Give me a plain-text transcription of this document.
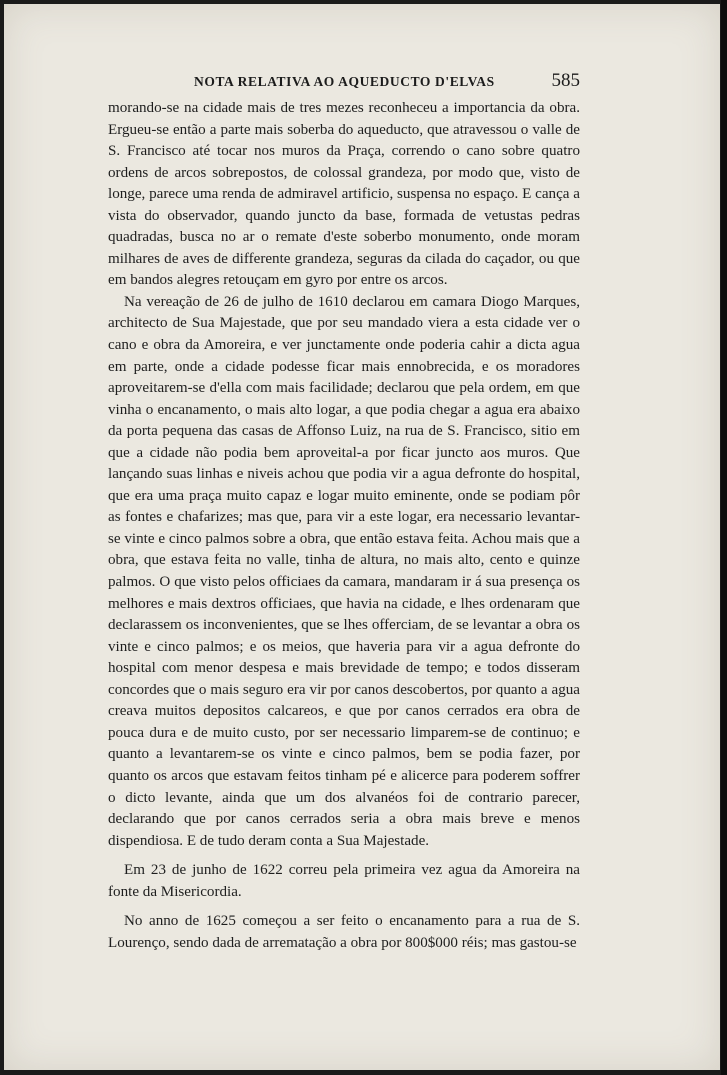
NOTA RELATIVA AO AQUEDUCTO D'ELVAS	585

morando-se na cidade mais de tres mezes reconheceu a importancia da obra. Ergueu-se então a parte mais soberba do aqueducto, que atravessou o valle de S. Francisco até tocar nos muros da Praça, correndo o cano sobre quatro ordens de arcos sobrepostos, de colossal grandeza, por modo que, visto de longe, parece uma renda de admiravel artificio, suspensa no espaço. E cança a vista do observador, quando juncto da base, formada de vetustas pedras quadradas, busca no ar o remate d'este soberbo monumento, onde moram milhares de aves de differente grandeza, seguras da cilada do caçador, ou que em bandos alegres retouçam em gyro por entre os arcos.

Na vereação de 26 de julho de 1610 declarou em camara Diogo Marques, architecto de Sua Majestade, que por seu mandado viera a esta cidade ver o cano e obra da Amoreira, e ver junctamente onde poderia cahir a dicta agua em parte, onde a cidade podesse ficar mais ennobrecida, e os moradores aproveitarem-se d'ella com mais facilidade; declarou que pela ordem, em que vinha o encanamento, o mais alto logar, a que podia chegar a agua era abaixo da porta pequena das casas de Affonso Luiz, na rua de S. Francisco, sitio em que a cidade não podia bem aproveital-a por ficar juncto aos muros. Que lançando suas linhas e niveis achou que podia vir a agua defronte do hospital, que era uma praça muito capaz e logar muito eminente, onde se podiam pôr as fontes e chafarizes; mas que, para vir a este logar, era necessario levantar-se vinte e cinco palmos sobre a obra, que então estava feita. Achou mais que a obra, que estava feita no valle, tinha de altura, no mais alto, cento e quinze palmos. O que visto pelos officiaes da camara, mandaram ir á sua presença os melhores e mais dextros officiaes, que havia na cidade, e lhes ordenaram que declarassem os inconvenientes, que se lhes offerciam, de se levantar a obra os vinte e cinco palmos; e os meios, que haveria para vir a agua defronte do hospital com menor despesa e mais brevidade de tempo; e todos disseram concordes que o mais seguro era vir por canos descobertos, por quanto a agua creava muitos depositos calcareos, e que por canos cerrados era obra de pouca dura e de muito custo, por ser necessario limparem-se de continuo; e quanto a levantarem-se os vinte e cinco palmos, bem se podia fazer, por quanto os arcos que estavam feitos tinham pé e alicerce para poderem soffrer o dicto levante, ainda que um dos alvanéos foi de contrario parecer, declarando que por canos cerrados seria a obra mais breve e menos dispendiosa. E de tudo deram conta a Sua Majestade.

Em 23 de junho de 1622 correu pela primeira vez agua da Amoreira na fonte da Misericordia.

No anno de 1625 começou a ser feito o encanamento para a rua de S. Lourenço, sendo dada de arrematação a obra por 800$000 réis; mas gastou-se
